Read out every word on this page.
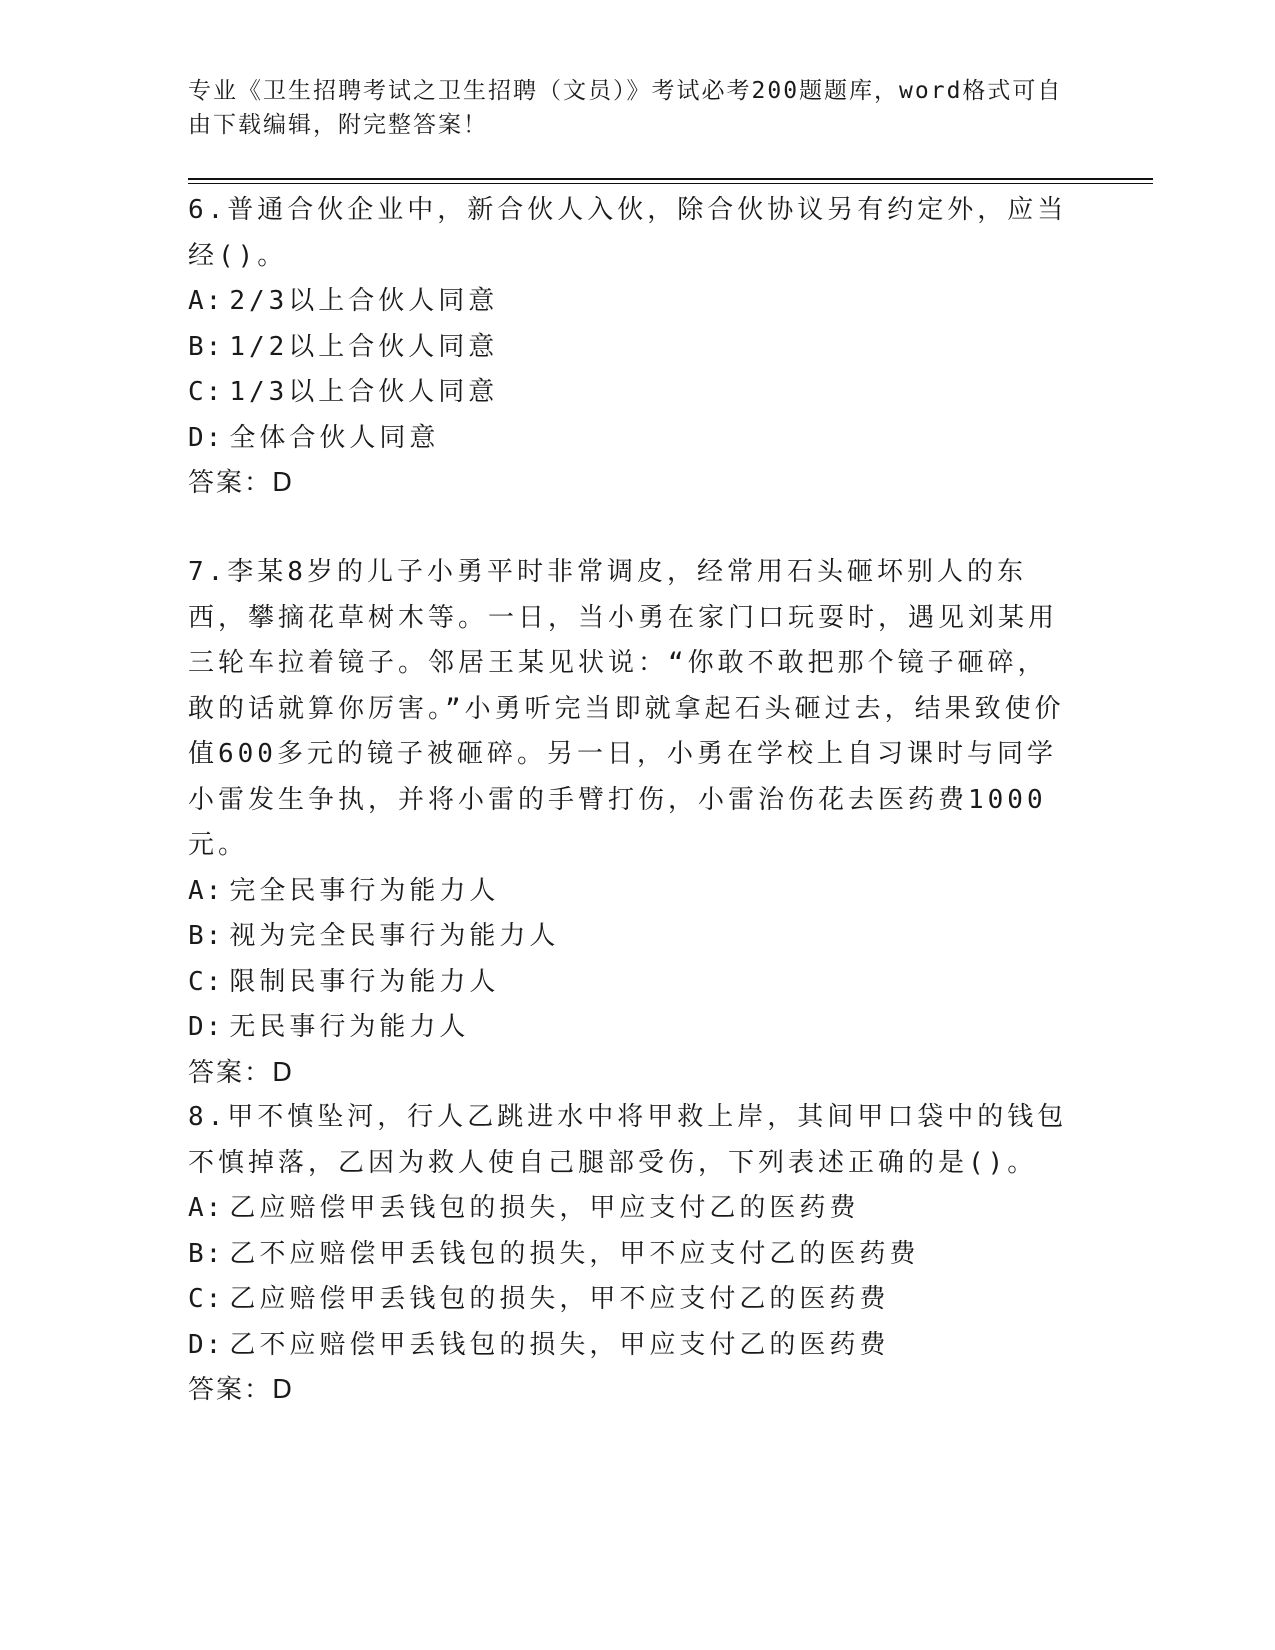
专业《卫生招聘考试之卫生招聘（文员）》考试必考200题题库，word格式可自由下载编辑，附完整答案！
6.普通合伙企业中，新合伙人入伙，除合伙协议另有约定外，应当经()。
A: 2/3以上合伙人同意
B: 1/2以上合伙人同意
C: 1/3以上合伙人同意
D: 全体合伙人同意
答案：D
7.李某8岁的儿子小勇平时非常调皮，经常用石头砸坏别人的东西，攀摘花草树木等。一日，当小勇在家门口玩耍时，遇见刘某用三轮车拉着镜子。邻居王某见状说：“你敢不敢把那个镜子砸碎，敢的话就算你厉害。”小勇听完当即就拿起石头砸过去，结果致使价值600多元的镜子被砸碎。另一日，小勇在学校上自习课时与同学小雷发生争执，并将小雷的手臂打伤，小雷治伤花去医药费1000元。
A: 完全民事行为能力人
B: 视为完全民事行为能力人
C: 限制民事行为能力人
D: 无民事行为能力人
答案：D
8.甲不慎坠河，行人乙跳进水中将甲救上岸，其间甲口袋中的钱包不慎掉落，乙因为救人使自己腿部受伤，下列表述正确的是()。
A: 乙应赔偿甲丢钱包的损失，甲应支付乙的医药费
B: 乙不应赔偿甲丢钱包的损失，甲不应支付乙的医药费
C: 乙应赔偿甲丢钱包的损失，甲不应支付乙的医药费
D: 乙不应赔偿甲丢钱包的损失，甲应支付乙的医药费
答案：D
